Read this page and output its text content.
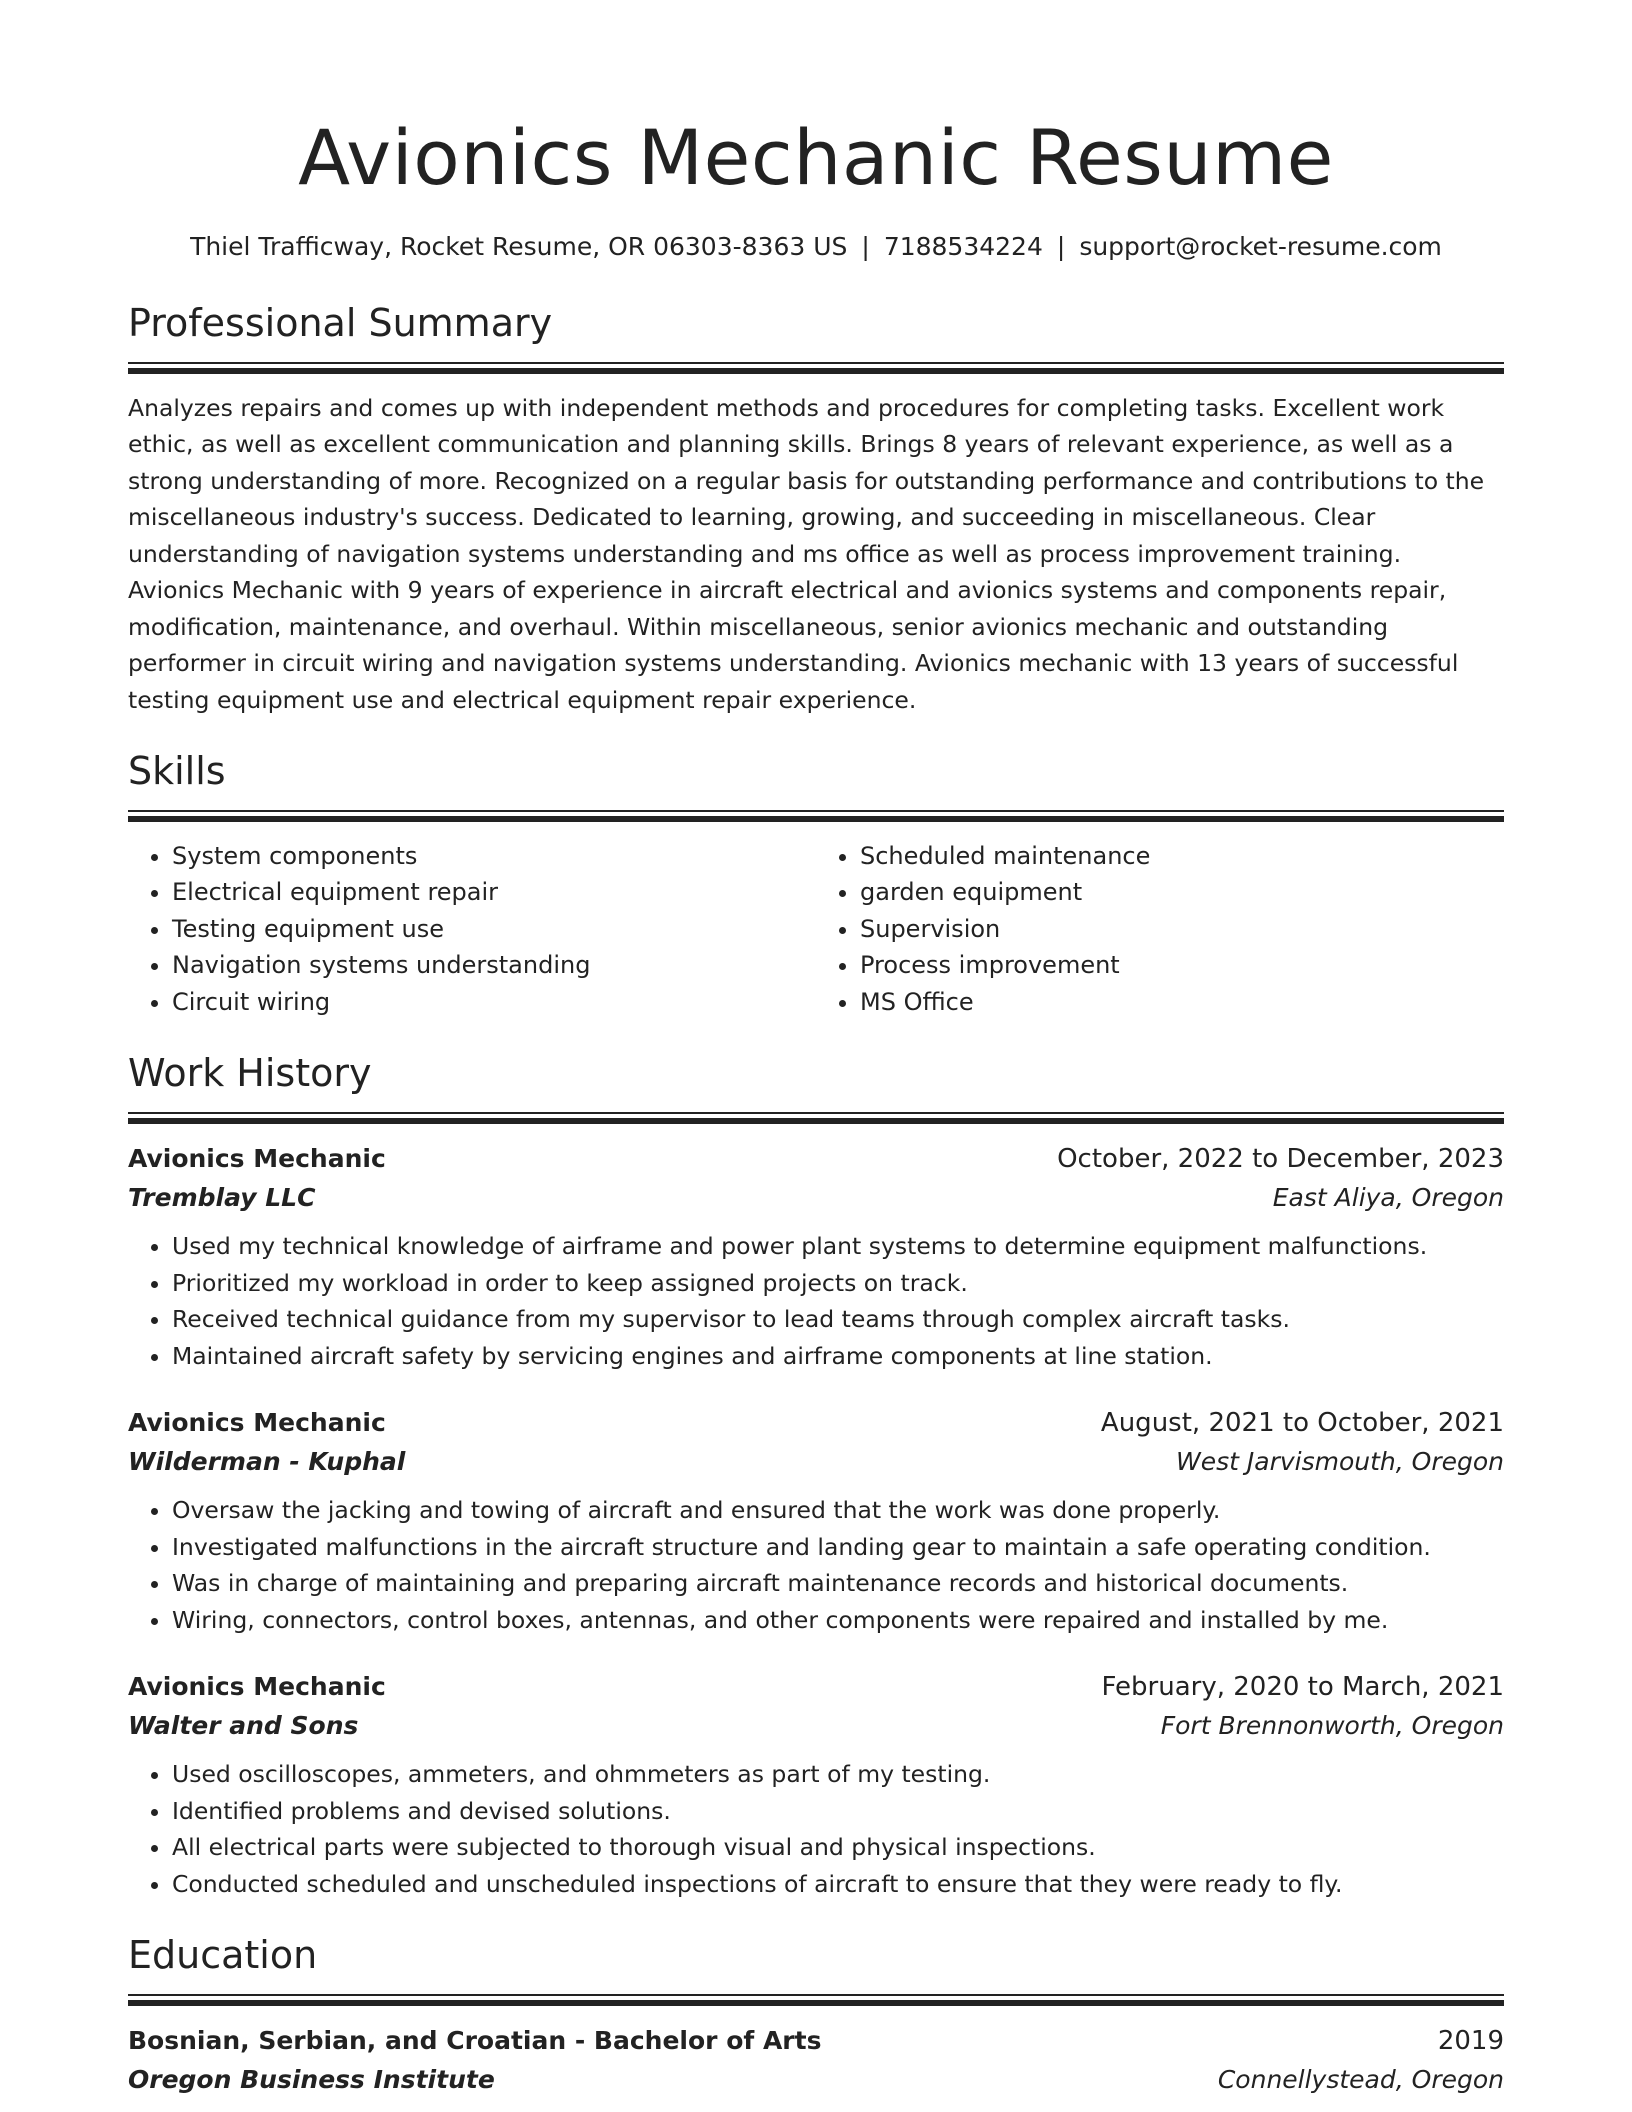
Avionics Mechanic Resume
Thiel Trafficway, Rocket Resume, OR 06303-8363 US | 7188534224 | support@rocket-resume.com
Professional Summary

Analyzes repairs and comes up with independent methods and procedures for completing tasks. Excellent work ethic, as well as excellent communication and planning skills. Brings 8 years of relevant experience, as well as a strong understanding of more. Recognized on a regular basis for outstanding performance and contributions to the miscellaneous industry's success. Dedicated to learning, growing, and succeeding in miscellaneous. Clear understanding of navigation systems understanding and ms office as well as process improvement training. Avionics Mechanic with 9 years of experience in aircraft electrical and avionics systems and components repair, modification, maintenance, and overhaul. Within miscellaneous, senior avionics mechanic and outstanding performer in circuit wiring and navigation systems understanding. Avionics mechanic with 13 years of successful testing equipment use and electrical equipment repair experience.

Skills
• System components
• Electrical equipment repair
• Testing equipment use
• Navigation systems understanding
• Circuit wiring
• Scheduled maintenance
• garden equipment
• Supervision
• Process improvement
• MS Office
Work History
Avionics Mechanic	October, 2022 to December, 2023
Tremblay LLC	East Aliya, Oregon
• Used my technical knowledge of airframe and power plant systems to determine equipment malfunctions.
• Prioritized my workload in order to keep assigned projects on track.
• Received technical guidance from my supervisor to lead teams through complex aircraft tasks.
• Maintained aircraft safety by servicing engines and airframe components at line station.
Avionics Mechanic	August, 2021 to October, 2021
Wilderman - Kuphal	West Jarvismouth, Oregon
• Oversaw the jacking and towing of aircraft and ensured that the work was done properly.
• Investigated malfunctions in the aircraft structure and landing gear to maintain a safe operating condition.
• Was in charge of maintaining and preparing aircraft maintenance records and historical documents.
• Wiring, connectors, control boxes, antennas, and other components were repaired and installed by me.
Avionics Mechanic	February, 2020 to March, 2021
Walter and Sons	Fort Brennonworth, Oregon
• Used oscilloscopes, ammeters, and ohmmeters as part of my testing.
• Identified problems and devised solutions.
• All electrical parts were subjected to thorough visual and physical inspections.
• Conducted scheduled and unscheduled inspections of aircraft to ensure that they were ready to fly.
Education
Bosnian, Serbian, and Croatian - Bachelor of Arts	2019
Oregon Business Institute	Connellystead, Oregon
